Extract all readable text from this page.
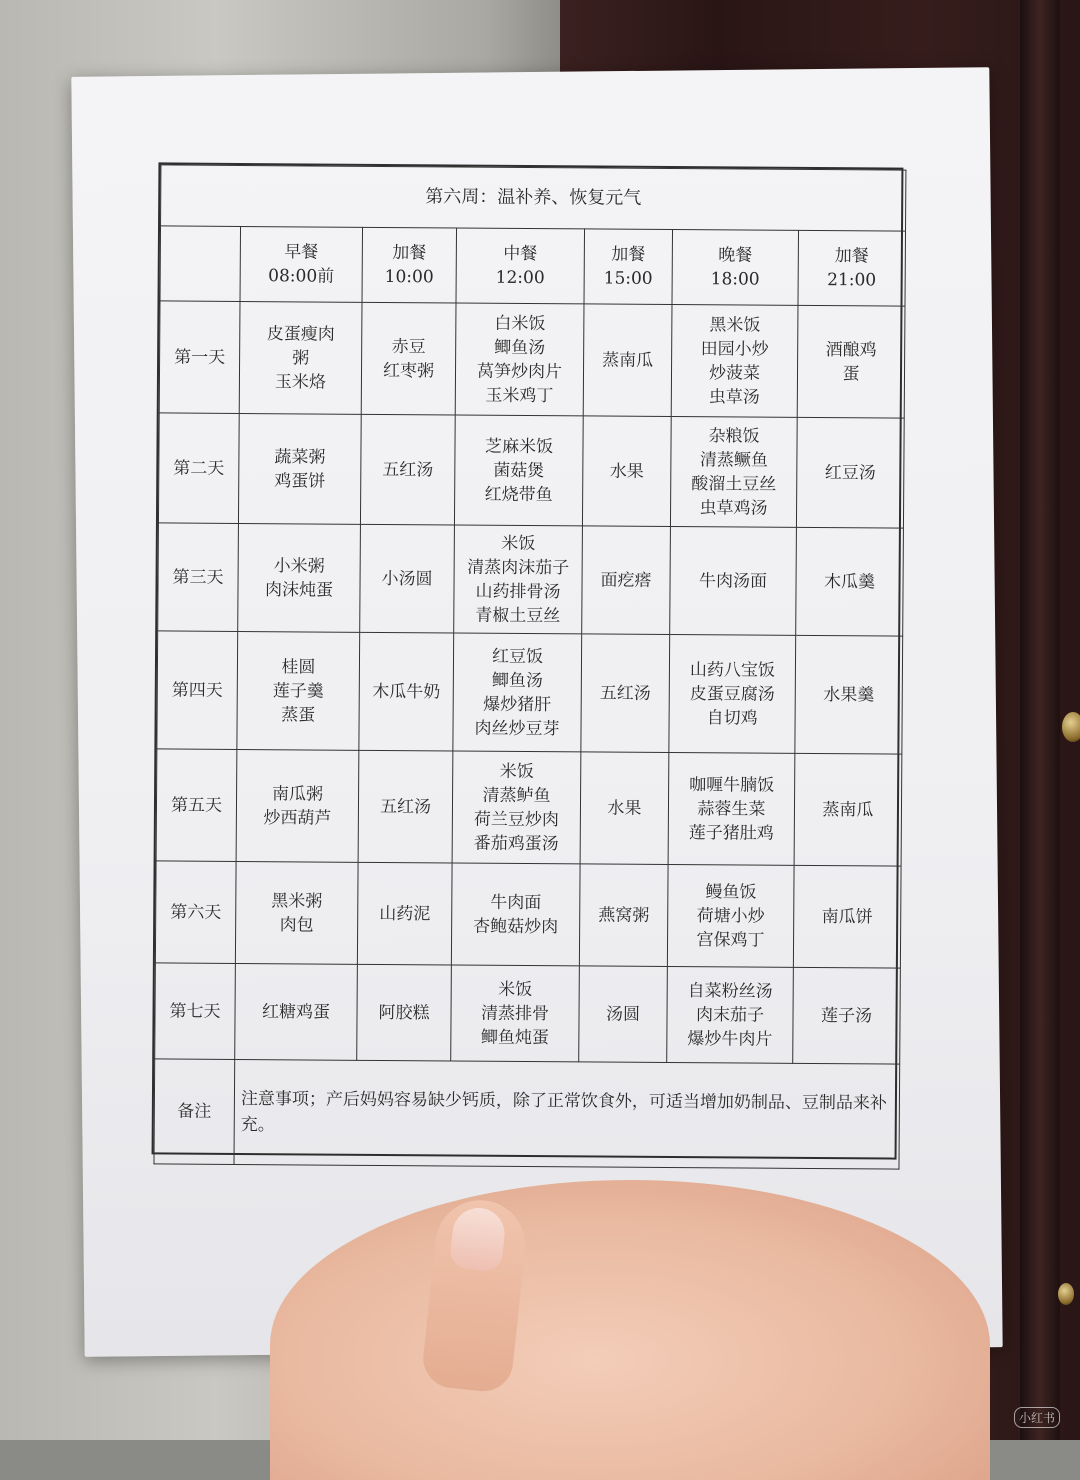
第六周：温补养、恢复元气						

	早餐
08:00前	加餐
10:00	中餐
12:00	加餐
15:00	晚餐
18:00	加餐
21:00

第一天	皮蛋瘦肉
粥
玉米烙	赤豆
红枣粥	白米饭
鲫鱼汤
莴笋炒肉片
玉米鸡丁	蒸南瓜	黑米饭
田园小炒
炒菠菜
虫草汤	酒酿鸡
蛋

第二天	蔬菜粥
鸡蛋饼	五红汤	芝麻米饭
菌菇煲
红烧带鱼	水果	杂粮饭
清蒸鳜鱼
酸溜土豆丝
虫草鸡汤	红豆汤

第三天	小米粥
肉沫炖蛋	小汤圆	米饭
清蒸肉沫茄子
山药排骨汤
青椒土豆丝	面疙瘩	牛肉汤面	木瓜羹

第四天	桂圆
莲子羹
蒸蛋	木瓜牛奶	红豆饭
鲫鱼汤
爆炒猪肝
肉丝炒豆芽	五红汤	山药八宝饭
皮蛋豆腐汤
自切鸡	水果羹

第五天	南瓜粥
炒西葫芦	五红汤	米饭
清蒸鲈鱼
荷兰豆炒肉
番茄鸡蛋汤	水果	咖喱牛腩饭
蒜蓉生菜
莲子猪肚鸡	蒸南瓜

第六天	黑米粥
肉包	山药泥	牛肉面
杏鲍菇炒肉	燕窝粥	鳗鱼饭
荷塘小炒
宫保鸡丁	南瓜饼

第七天	红糖鸡蛋	阿胶糕	米饭
清蒸排骨
鲫鱼炖蛋	汤圆	自菜粉丝汤
肉末茄子
爆炒牛肉片	莲子汤

备注	注意事项；产后妈妈容易缺少钙质，除了正常饮食外，可适当增加奶制品、豆制品来补充。					
小红书
